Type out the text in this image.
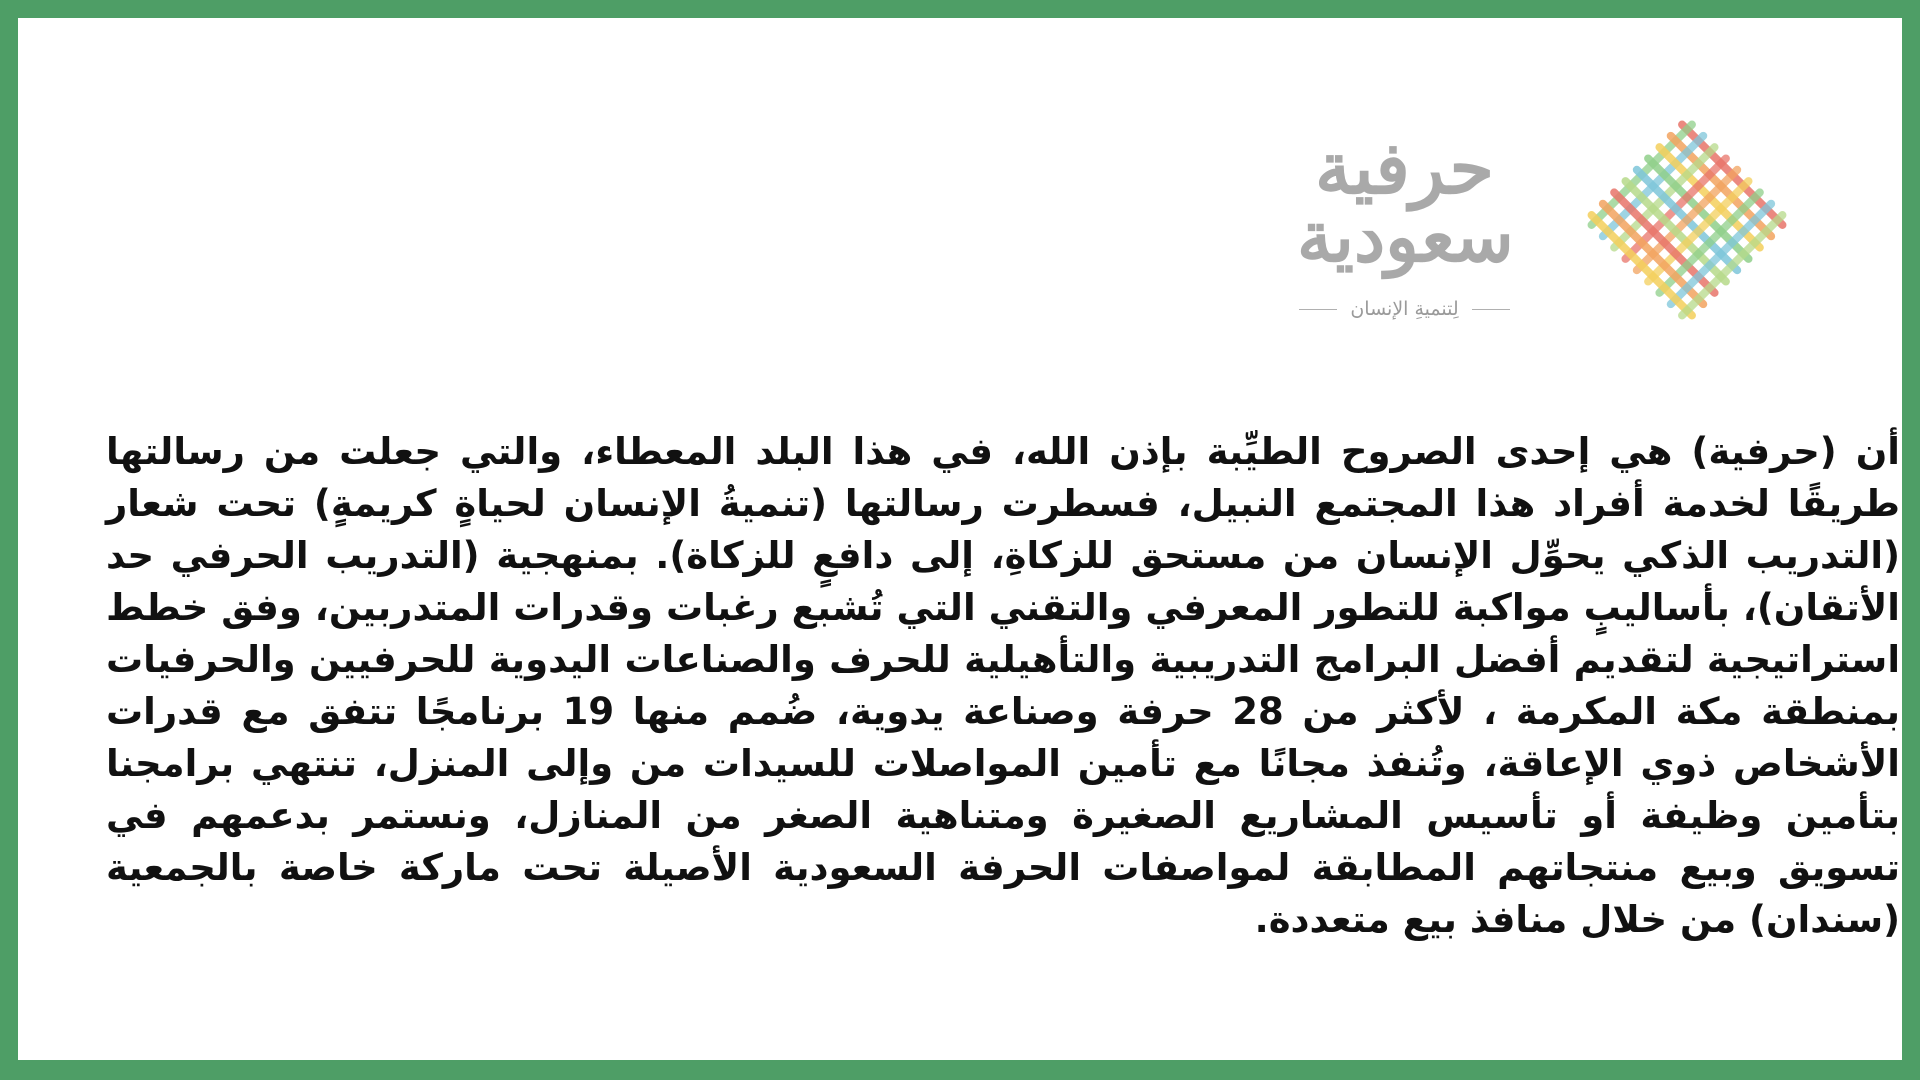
حرفية
سعودية
لِتنميةِ الإنسان

أن (حرفية) هي إحدى الصروح الطيِّبة بإذن الله، في هذا البلد المعطاء، والتي جعلت من رسالتها طريقًا لخدمة أفراد هذا المجتمع النبيل، فسطرت رسالتها (تنميةُ الإنسان لحياةٍ كريمةٍ) تحت شعار (التدريب الذكي يحوِّل الإنسان من مستحق للزكاةِ، إلى دافعٍ للزكاة). بمنهجية (التدريب الحرفي حد الأتقان)، بأساليبٍ مواكبة للتطور المعرفي والتقني التي تُشبع رغبات وقدرات المتدربين، وفق خطط استراتيجية لتقديم أفضل البرامج التدريبية والتأهيلية للحرف والصناعات اليدوية للحرفيين والحرفيات بمنطقة مكة المكرمة ، لأكثر من 28 حرفة وصناعة يدوية، ضُمم منها 19 برنامجًا تتفق مع قدرات الأشخاص ذوي الإعاقة، وتُنفذ مجانًا مع تأمين المواصلات للسيدات من وإلى المنزل، تنتهي برامجنا بتأمين وظيفة أو تأسيس المشاريع الصغيرة ومتناهية الصغر من المنازل، ونستمر بدعمهم في تسويق وبيع منتجاتهم المطابقة لمواصفات الحرفة السعودية الأصيلة تحت ماركة خاصة بالجمعية (سندان) من خلال منافذ بيع متعددة.
